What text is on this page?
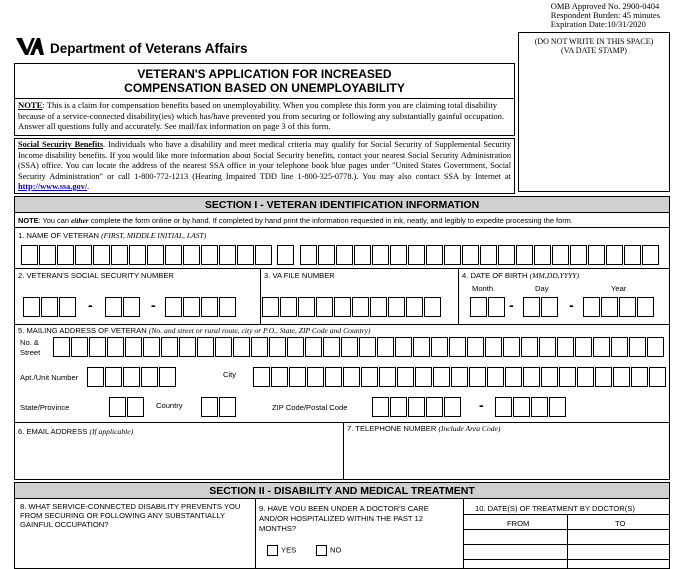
OMB Approved No. 2900-0404
Respondent Burden: 45 minutes
Expiration Date:10/31/2020
Department of Veterans Affairs	(DO NOT WRITE IN THIS SPACE)
(VA DATE STAMP)
VETERAN'S APPLICATION FOR INCREASED
COMPENSATION BASED ON UNEMPLOYABILITY
NOTE: This is a claim for compensation benefits based on unemployability. When you complete this form you are claiming total disability because of a service-connected disability(ies) which has/have prevented you from securing or following any substantially gainful occupation. Answer all questions fully and accurately. See mail/fax information on page 3 of this form.
Social Security Benefits. Individuals who have a disability and meet medical criteria may qualify for Social Security of Supplemental Security Income disability benefits. If you would like more information about Social Security benefits, contact your nearest Social Security Administration (SSA) office. You can locate the address of the nearest SSA office in your telephone book blue pages under "United States Government, Social Security Administration" or call 1-800-772-1213 (Hearing Impaired TDD line 1-800-325-0778.). You may also contact SSA by Internet at http://www.ssa.gov/.
SECTION I - VETERAN IDENTIFICATION INFORMATION
NOTE: You can either complete the form online or by hand. If completed by hand print the information requested in ink, neatly, and legibly to expedite processing the form.
1. NAME OF VETERAN (FIRST, MIDDLE INITIAL, LAST)
2. VETERAN'S SOCIAL SECURITY NUMBER
-	-
3. VA FILE NUMBER	4. DATE OF BIRTH (MM,DD,YYYY)
Month	Day	Year
-	-
5. MAILING ADDRESS OF VETERAN (No. and street or rural route, city or P.O., State, ZIP Code and Country)
No. &
Street
Apt./Unit Number	City
State/Province	Country	ZIP Code/Postal Code	-
6. EMAIL ADDRESS (If applicable)	7. TELEPHONE NUMBER (Include Area Code)
SECTION II - DISABILITY AND MEDICAL TREATMENT
8. WHAT SERVICE-CONNECTED DISABILITY PREVENTS YOU FROM SECURING OR FOLLOWING ANY SUBSTANTIALLY GAINFUL OCCUPATION?
9. HAVE YOU BEEN UNDER A DOCTOR'S CARE AND/OR HOSPITALIZED WITHIN THE PAST 12 MONTHS?
YES	NO
10. DATE(S) OF TREATMENT BY DOCTOR(S)
FROM	TO
